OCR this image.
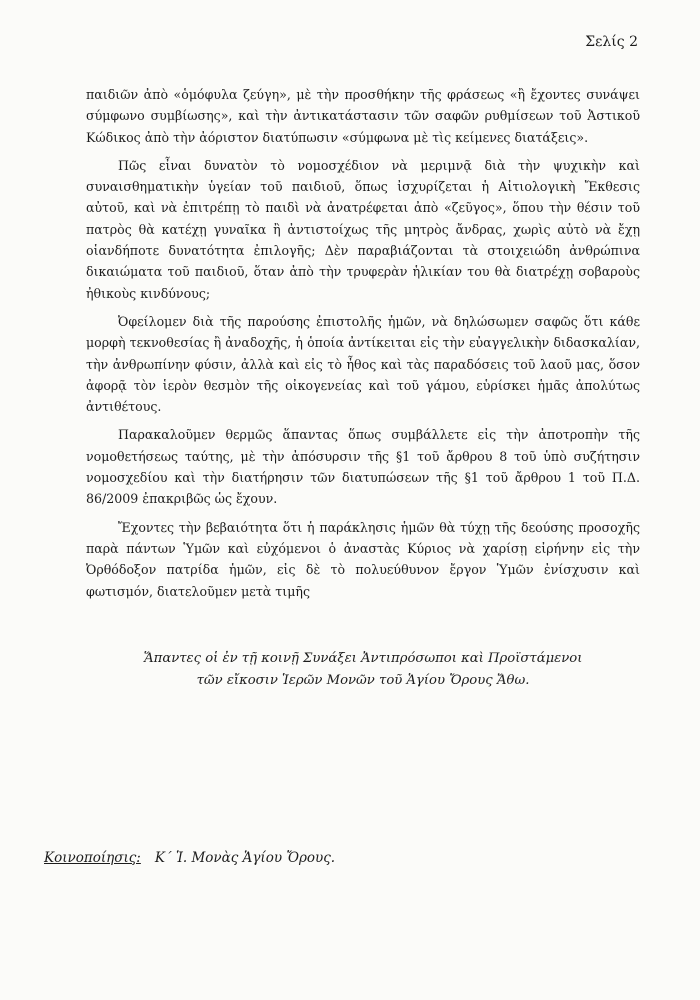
Σελίς 2

παιδιῶν ἀπὸ «ὁμόφυλα ζεύγη», μὲ τὴν προσθήκην τῆς φράσεως «ἢ ἔχοντες συνάψει σύμφωνο συμβίωσης», καὶ τὴν ἀντικατάστασιν τῶν σαφῶν ρυθμίσεων τοῦ Ἀστικοῦ Κώδικος ἀπὸ τὴν ἀόριστον διατύπωσιν «σύμφωνα μὲ τὶς κείμενες διατάξεις».

Πῶς εἶναι δυνατὸν τὸ νομοσχέδιον νὰ μεριμνᾷ διὰ τὴν ψυχικὴν καὶ συναισθηματικὴν ὑγείαν τοῦ παιδιοῦ, ὅπως ἰσχυρίζεται ἡ Αἰτιολογικὴ Ἔκθεσις αὐτοῦ, καὶ νὰ ἐπιτρέπῃ τὸ παιδὶ νὰ ἀνατρέφεται ἀπὸ «ζεῦγος», ὅπου τὴν θέσιν τοῦ πατρὸς θὰ κατέχῃ γυναῖκα ἢ ἀντιστοίχως τῆς μητρὸς ἄνδρας, χωρὶς αὐτὸ νὰ ἔχῃ οἱανδήποτε δυνατότητα ἐπιλογῆς; Δὲν παραβιάζονται τὰ στοιχειώδη ἀνθρώπινα δικαιώματα τοῦ παιδιοῦ, ὅταν ἀπὸ τὴν τρυφερὰν ἡλικίαν του θὰ διατρέχῃ σοβαροὺς ἠθικοὺς κινδύνους;

Ὀφείλομεν διὰ τῆς παρούσης ἐπιστολῆς ἡμῶν, νὰ δηλώσωμεν σαφῶς ὅτι κάθε μορφὴ τεκνοθεσίας ἢ ἀναδοχῆς, ἡ ὁποία ἀντίκειται εἰς τὴν εὐαγγελικὴν διδασκαλίαν, τὴν ἀνθρωπίνην φύσιν, ἀλλὰ καὶ εἰς τὸ ἦθος καὶ τὰς παραδόσεις τοῦ λαοῦ μας, ὅσον ἀφορᾷ τὸν ἱερὸν θεσμὸν τῆς οἰκογενείας καὶ τοῦ γάμου, εὑρίσκει ἡμᾶς ἀπολύτως ἀντιθέτους.

Παρακαλοῦμεν θερμῶς ἅπαντας ὅπως συμβάλλετε εἰς τὴν ἀποτροπὴν τῆς νομοθετήσεως ταύτης, μὲ τὴν ἀπόσυρσιν τῆς §1 τοῦ ἄρθρου 8 τοῦ ὑπὸ συζήτησιν νομοσχεδίου καὶ τὴν διατήρησιν τῶν διατυπώσεων τῆς §1 τοῦ ἄρθρου 1 τοῦ Π.Δ. 86/2009 ἐπακριβῶς ὡς ἔχουν.

Ἔχοντες τὴν βεβαιότητα ὅτι ἡ παράκλησις ἡμῶν θὰ τύχῃ τῆς δεούσης προσοχῆς παρὰ πάντων Ὑμῶν καὶ εὐχόμενοι ὁ ἀναστὰς Κύριος νὰ χαρίσῃ εἰρήνην εἰς τὴν Ὀρθόδοξον πατρίδα ἡμῶν, εἰς δὲ τὸ πολυεύθυνον ἔργον Ὑμῶν ἐνίσχυσιν καὶ φωτισμόν, διατελοῦμεν μετὰ τιμῆς

Ἅπαντες οἱ ἐν τῇ κοινῇ Συνάξει Ἀντιπρόσωποι καὶ Προϊστάμενοι
τῶν εἴκοσιν Ἱερῶν Μονῶν τοῦ Ἁγίου Ὄρους Ἄθω.
Κοινοποίησις: Κ΄ Ἱ. Μονὰς Ἁγίου Ὄρους.
